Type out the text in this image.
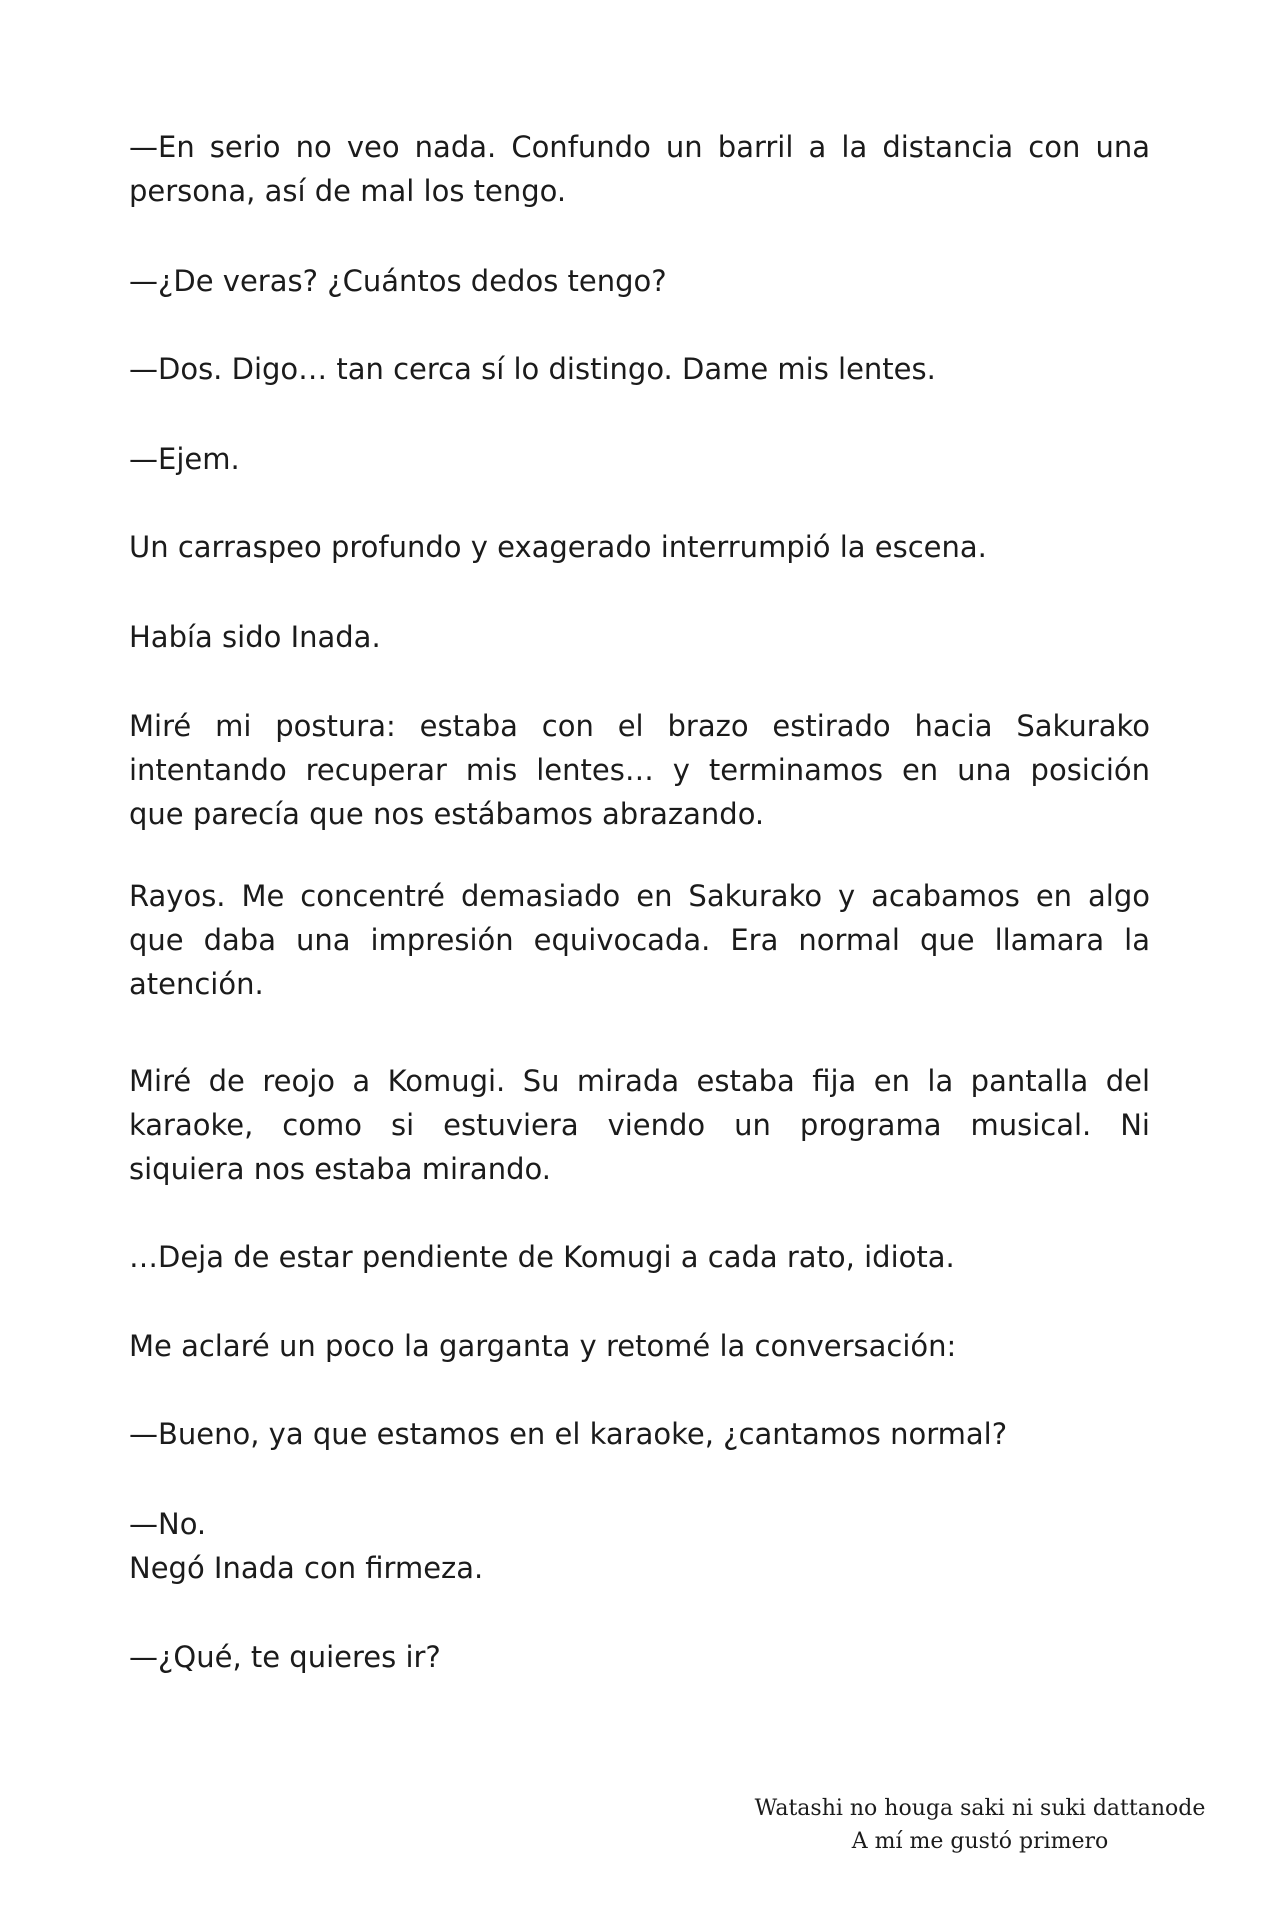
—En serio no veo nada. Confundo un barril a la distancia con una
persona, así de mal los tengo.

—¿De veras? ¿Cuántos dedos tengo?

—Dos. Digo… tan cerca sí lo distingo. Dame mis lentes.

—Ejem.

Un carraspeo profundo y exagerado interrumpió la escena.

Había sido Inada.

Miré mi postura: estaba con el brazo estirado hacia Sakurako
intentando recuperar mis lentes… y terminamos en una posición
que parecía que nos estábamos abrazando.

Rayos. Me concentré demasiado en Sakurako y acabamos en algo
que daba una impresión equivocada. Era normal que llamara la
atención.

Miré de reojo a Komugi. Su mirada estaba fija en la pantalla del
karaoke, como si estuviera viendo un programa musical. Ni
siquiera nos estaba mirando.

…Deja de estar pendiente de Komugi a cada rato, idiota.

Me aclaré un poco la garganta y retomé la conversación:

—Bueno, ya que estamos en el karaoke, ¿cantamos normal?

—No.
Negó Inada con firmeza.

—¿Qué, te quieres ir?

Watashi no houga saki ni suki dattanode
A mí me gustó primero
